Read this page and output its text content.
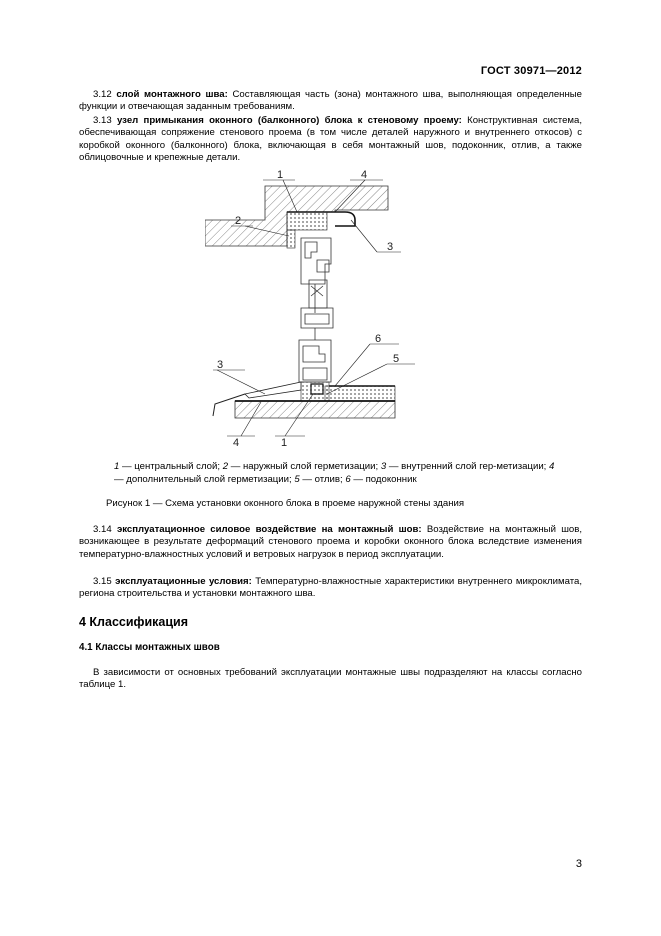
ГОСТ 30971—2012

3.12 слой монтажного шва: Составляющая часть (зона) монтажного шва, выполняющая определенные функции и отвечающая заданным требованиям.

3.13 узел примыкания оконного (балконного) блока к стеновому проему: Конструктивная система, обеспечивающая сопряжение стенового проема (в том числе деталей наружного и внутреннего откосов) с коробкой оконного (балконного) блока, включающая в себя монтажный шов, подоконник, отлив, а также облицовочные и крепежные детали.

1	4
2
3
6
5
3
4	1
1 — центральный слой; 2 — наружный слой герметизации; 3 — внутренний слой гер-метизации; 4 — дополнительный слой герметизации; 5 — отлив; 6 — подоконник
Рисунок 1 — Схема установки оконного блока в проеме наружной стены здания

3.14 эксплуатационное силовое воздействие на монтажный шов: Воздействие на монтажный шов, возникающее в результате деформаций стенового проема и коробки оконного блока вследствие изменения температурно-влажностных условий и ветровых нагрузок в период эксплуатации.

3.15 эксплуатационные условия: Температурно-влажностные характеристики внутреннего микроклимата, региона строительства и установки монтажного шва.

4 Классификация
4.1 Классы монтажных швов

В зависимости от основных требований эксплуатации монтажные швы подразделяют на классы согласно таблице 1.

3
